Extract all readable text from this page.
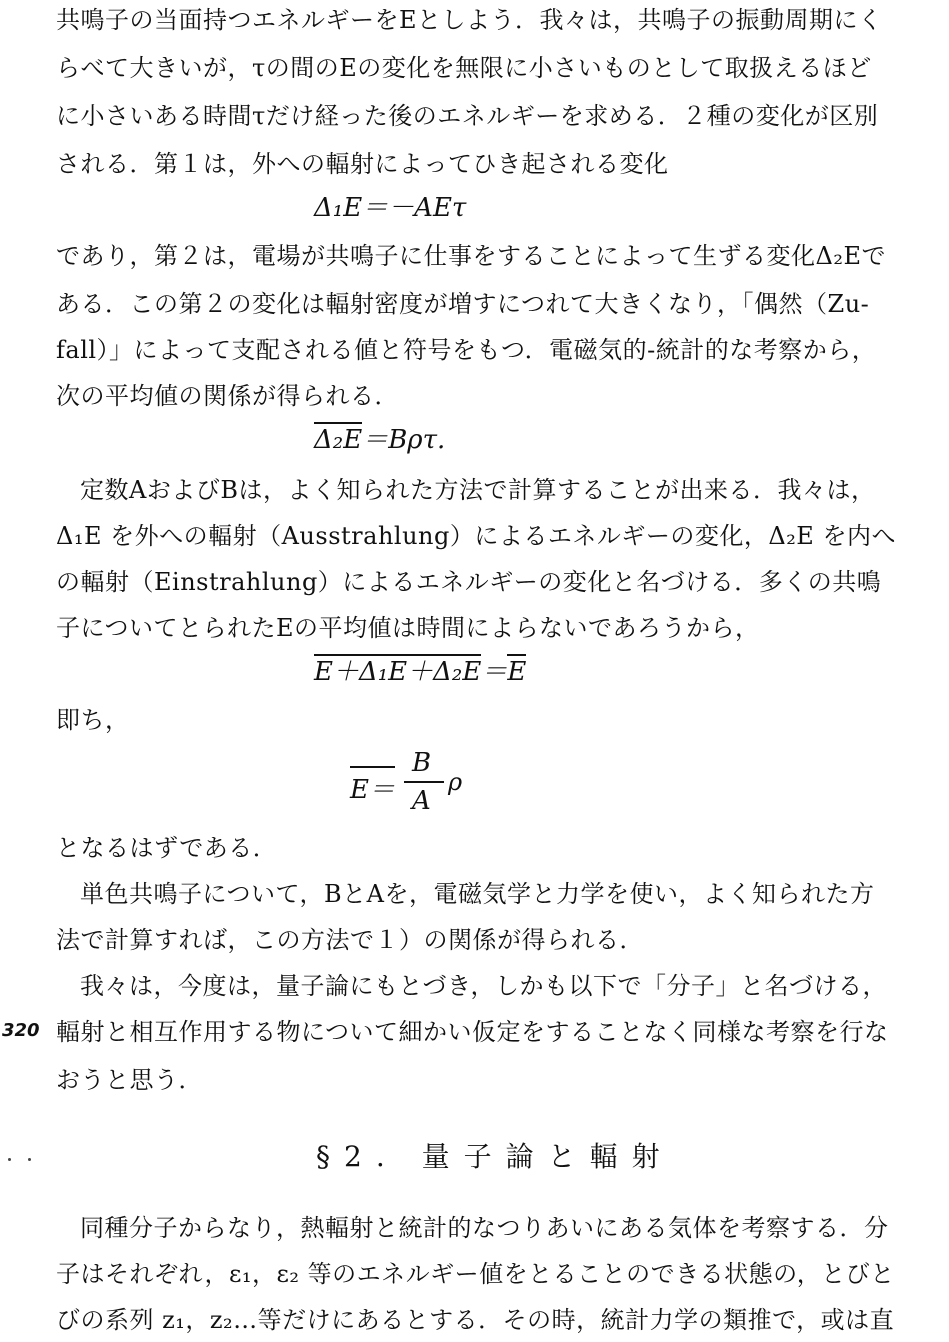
共鳴子の当面持つエネルギーをEとしよう．我々は，共鳴子の振動周期にく
らべて大きいが，τの間のEの変化を無限に小さいものとして取扱えるほど
に小さいある時間τだけ経った後のエネルギーを求める．２種の変化が区別
される．第１は，外への輻射によってひき起される変化
Δ₁E＝－AEτ
であり，第２は，電場が共鳴子に仕事をすることによって生ずる変化Δ₂Eで
ある．この第２の変化は輻射密度が増すにつれて大きくなり，「偶然（Zu-
fall）」によって支配される値と符号をもつ．電磁気的-統計的な考察から，
次の平均値の関係が得られる．
Δ₂E＝Bρτ.
定数AおよびBは，よく知られた方法で計算することが出来る．我々は，
Δ₁E を外への輻射（Ausstrahlung）によるエネルギーの変化，Δ₂E を内へ
の輻射（Einstrahlung）によるエネルギーの変化と名づける．多くの共鳴
子についてとられたEの平均値は時間によらないであろうから，
E＋Δ₁E＋Δ₂E＝E
即ち，
E＝
B
A
ρ
となるはずである．
単色共鳴子について，BとAを，電磁気学と力学を使い，よく知られた方
法で計算すれば，この方法で１）の関係が得られる．
我々は，今度は，量子論にもとづき，しかも以下で「分子」と名づける，
輻射と相互作用する物について細かい仮定をすることなく同様な考察を行な
おうと思う．
320
§2. 量子論と輻射
同種分子からなり，熱輻射と統計的なつりあいにある気体を考察する．分
子はそれぞれ，ε₁，ε₂ 等のエネルギー値をとることのできる状態の，とびと
びの系列 z₁，z₂…等だけにあるとする．その時，統計力学の類推で，或は直
